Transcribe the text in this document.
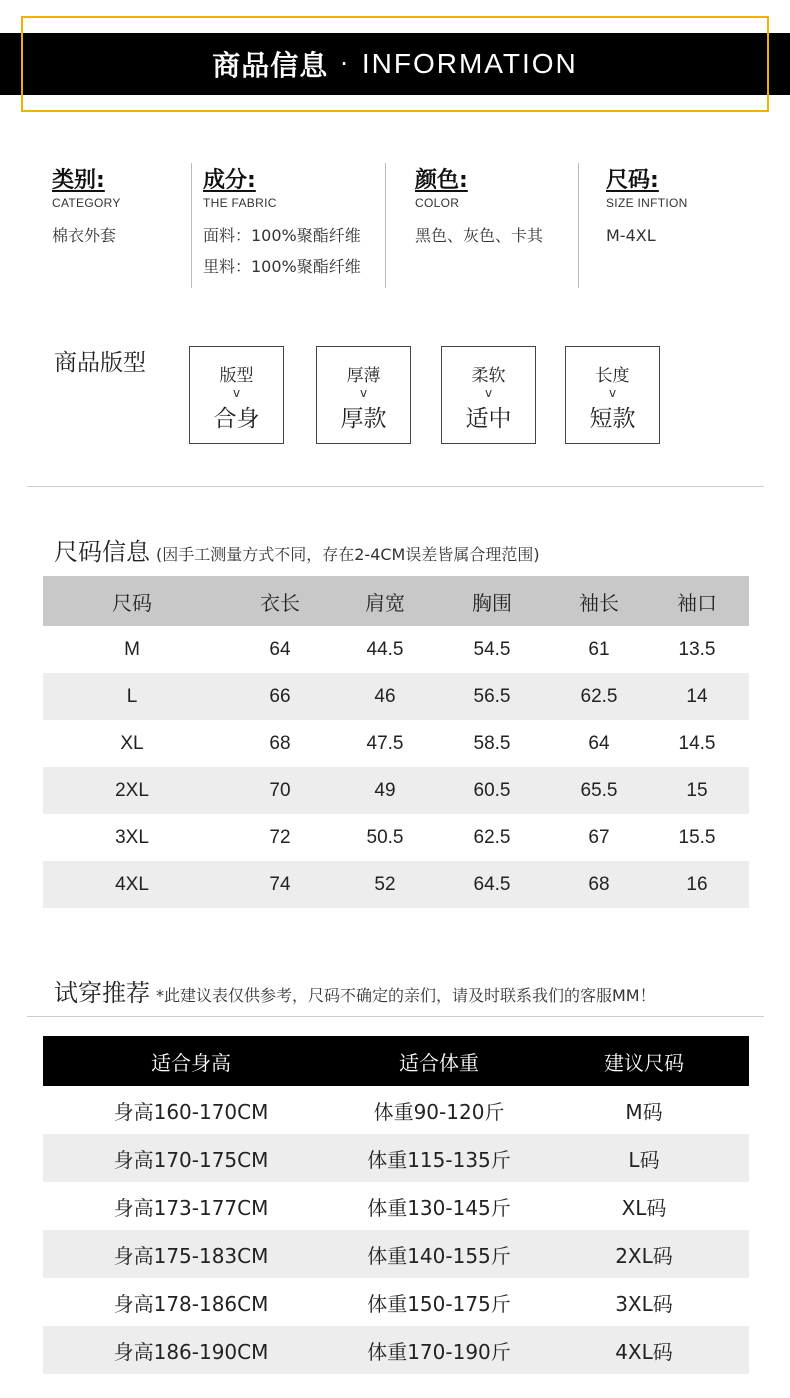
商品信息 · INFORMATION
类别:
CATEGORY
棉衣外套
成分:
THE FABRIC
面料：100%聚酯纤维
里料：100%聚酯纤维
颜色:
COLOR
黑色、灰色、卡其
尺码:
SIZE INFTION
M-4XL
商品版型	版型
v
合身
厚薄
v
厚款
柔软
v
适中
长度
v
短款
尺码信息 (因手工测量方式不同，存在2-4CM误差皆属合理范围)
尺码	衣长	肩宽	胸围	袖长	袖口
M	64	44.5	54.5	61	13.5
L	66	46	56.5	62.5	14
XL	68	47.5	58.5	64	14.5
2XL	70	49	60.5	65.5	15
3XL	72	50.5	62.5	67	15.5
4XL	74	52	64.5	68	16
试穿推荐 *此建议表仅供参考，尺码不确定的亲们，请及时联系我们的客服MM！
适合身高	适合体重	建议尺码
身高160-170CM	体重90-120斤	M码
身高170-175CM	体重115-135斤	L码
身高173-177CM	体重130-145斤	XL码
身高175-183CM	体重140-155斤	2XL码
身高178-186CM	体重150-175斤	3XL码
身高186-190CM	体重170-190斤	4XL码
